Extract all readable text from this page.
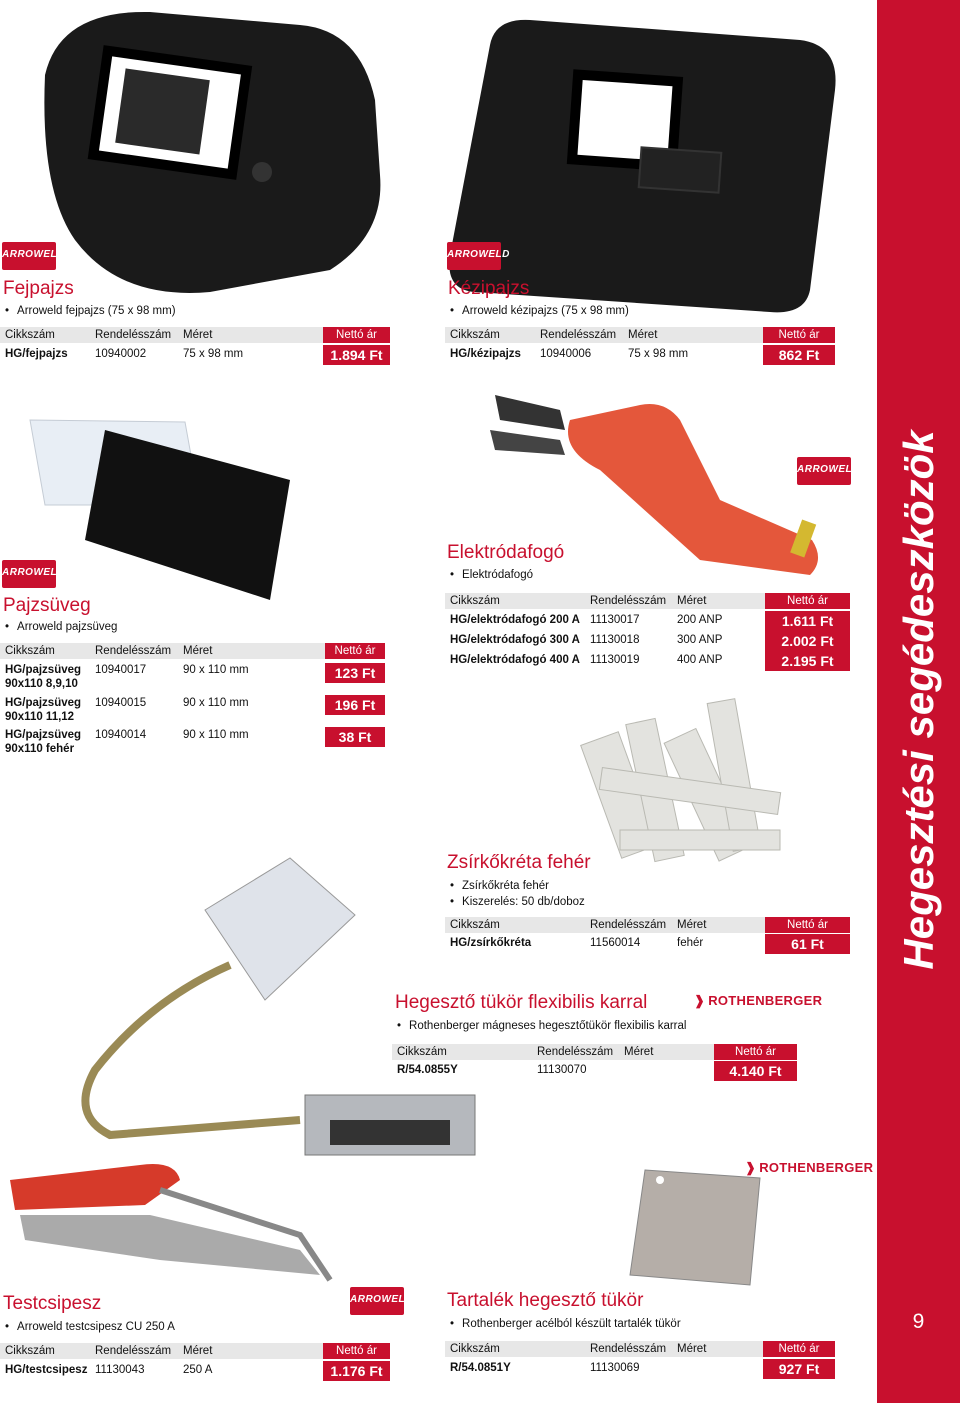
Hegesztési segédeszközök
9
ARROWELD	ARROWELD
ARROWELD
ARROWELD
ARROWELD
❱ ROTHENBERGER
❱ ROTHENBERGER
Fejpajzs
• Arroweld fejpajzs (75 x 98 mm)
Cikkszám	Rendelésszám Méret	Nettó ár
HG/fejpajzs 10940002	75 x 98 mm	1.894 Ft
Kézipajzs
• Arroweld kézipajzs (75 x 98 mm)
Cikkszám	Rendelésszám Méret	Nettó ár
HG/kézipajzs 10940006	75 x 98 mm	862 Ft
Pajzsüveg
• Arroweld pajzsüveg
Cikkszám	Rendelésszám Méret	Nettó ár
HG/pajzsüveg
90x110 8,9,10
10940017	90 x 110 mm	123 Ft
HG/pajzsüveg
90x110 11,12
10940015	90 x 110 mm	196 Ft
HG/pajzsüveg
90x110 fehér
10940014	90 x 110 mm	38 Ft
Elektródafogó
• Elektródafogó
Cikkszám	Rendelésszám Méret	Nettó ár
HG/elektródafogó 200 A 11130017	200 ANP	1.611 Ft
HG/elektródafogó 300 A 11130018	300 ANP	2.002 Ft
HG/elektródafogó 400 A 11130019	400 ANP	2.195 Ft
Zsírkőkréta fehér
• Zsírkőkréta fehér
• Kiszerelés: 50 db/doboz
Cikkszám	Rendelésszám Méret	Nettó ár
HG/zsírkőkréta	11560014	fehér	61 Ft
Hegesztő tükör flexibilis karral
• Rothenberger mágneses hegesztőtükör flexibilis karral
Cikkszám	Rendelésszám Méret	Nettó ár
R/54.0855Y	11130070	4.140 Ft
Testcsipesz
• Arroweld testcsipesz CU 250 A
Cikkszám	Rendelésszám Méret	Nettó ár
HG/testcsipesz 11130043	250 A	1.176 Ft
Tartalék hegesztő tükör
• Rothenberger acélból készült tartalék tükör
Cikkszám	Rendelésszám Méret	Nettó ár
R/54.0851Y	11130069	927 Ft
